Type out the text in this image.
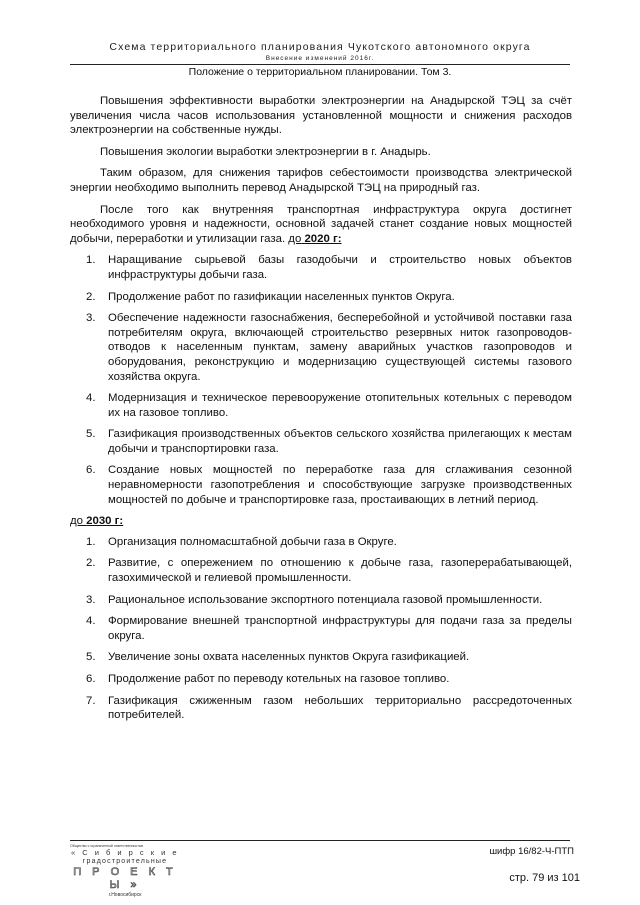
Схема территориального планирования Чукотского автономного округа
Внесение изменений 2016г.
Положение о территориальном планировании. Том 3.

Повышения эффективности выработки электроэнергии на Анадырской ТЭЦ за счёт увеличения числа часов использования установленной мощности и снижения расходов электроэнергии на собственные нужды.

Повышения экологии выработки электроэнергии в г. Анадырь.

Таким образом, для снижения тарифов себестоимости производства электрической энергии необходимо выполнить перевод Анадырской ТЭЦ на природный газ.

После того как внутренняя транспортная инфраструктура округа достигнет необходимого уровня и надежности, основной задачей станет создание новых мощностей добычи, переработки и утилизации газа. до 2020 г:

1. Наращивание сырьевой базы газодобычи и строительство новых объектов инфраструктуры добычи газа.
2. Продолжение работ по газификации населенных пунктов Округа.
3. Обеспечение надежности газоснабжения, бесперебойной и устойчивой поставки газа потребителям округа, включающей строительство резервных ниток газопроводов-отводов к населенным пунктам, замену аварийных участков газопроводов и оборудования, реконструкцию и модернизацию существующей системы газового хозяйства округа.
4. Модернизация и техническое перевооружение отопительных котельных с переводом их на газовое топливо.
5. Газификация производственных объектов сельского хозяйства прилегающих к местам добычи и транспортировки газа.
6. Создание новых мощностей по переработке газа для сглаживания сезонной неравномерности газопотребления и способствующие загрузке производственных мощностей по добыче и транспортировке газа, простаивающих в летний период.

до 2030 г:

1. Организация полномасштабной добычи газа в Округе.
2. Развитие, с опережением по отношению к добыче газа, газоперерабатывающей, газохимической и гелиевой промышленности.
3. Рациональное использование экспортного потенциала газовой промышленности.
4. Формирование внешней транспортной инфраструктуры для подачи газа за пределы округа.
5. Увеличение зоны охвата населенных пунктов Округа газификацией.
6. Продолжение работ по переводу котельных на газовое топливо.
7. Газификация сжиженным газом небольших территориально рассредоточенных потребителей.
Общество с ограниченной ответственностью
« С и б и р с к и е
градостроительные
П Р О Е К Т Ы »
г.Новосибирск
шифр 16/82-Ч-ПТП
стр. 79 из 101
